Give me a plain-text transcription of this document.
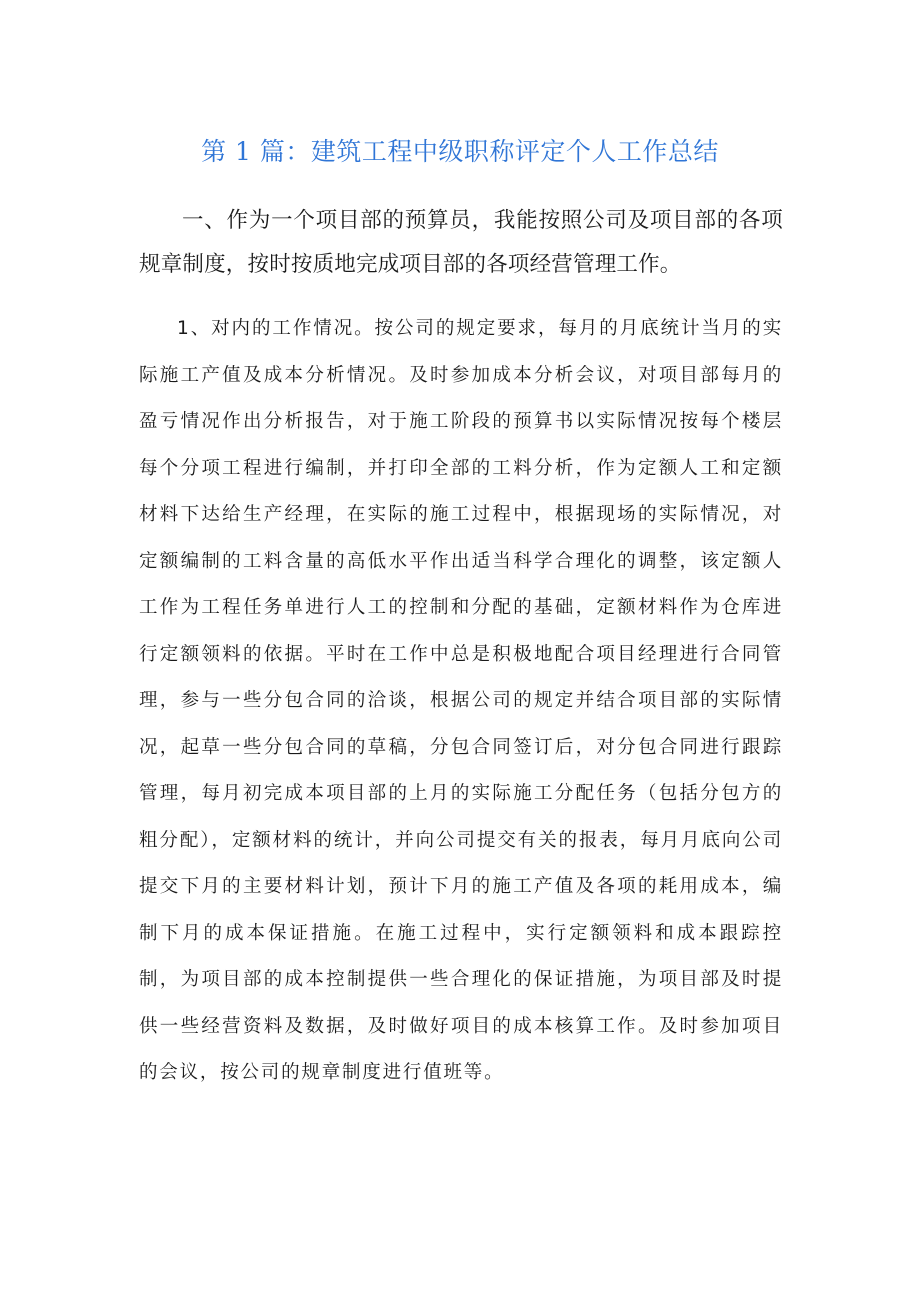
第 1 篇：建筑工程中级职称评定个人工作总结
一、作为一个项目部的预算员，我能按照公司及项目部的各项规章制度，按时按质地完成项目部的各项经营管理工作。
1、对内的工作情况。按公司的规定要求，每月的月底统计当月的实际施工产值及成本分析情况。及时参加成本分析会议，对项目部每月的盈亏情况作出分析报告，对于施工阶段的预算书以实际情况按每个楼层每个分项工程进行编制，并打印全部的工料分析，作为定额人工和定额材料下达给生产经理，在实际的施工过程中，根据现场的实际情况，对定额编制的工料含量的高低水平作出适当科学合理化的调整，该定额人工作为工程任务单进行人工的控制和分配的基础，定额材料作为仓库进行定额领料的依据。平时在工作中总是积极地配合项目经理进行合同管理，参与一些分包合同的洽谈，根据公司的规定并结合项目部的实际情况，起草一些分包合同的草稿，分包合同签订后，对分包合同进行跟踪管理，每月初完成本项目部的上月的实际施工分配任务（包括分包方的粗分配），定额材料的统计，并向公司提交有关的报表，每月月底向公司提交下月的主要材料计划，预计下月的施工产值及各项的耗用成本，编制下月的成本保证措施。在施工过程中，实行定额领料和成本跟踪控制，为项目部的成本控制提供一些合理化的保证措施，为项目部及时提供一些经营资料及数据，及时做好项目的成本核算工作。及时参加项目的会议，按公司的规章制度进行值班等。
